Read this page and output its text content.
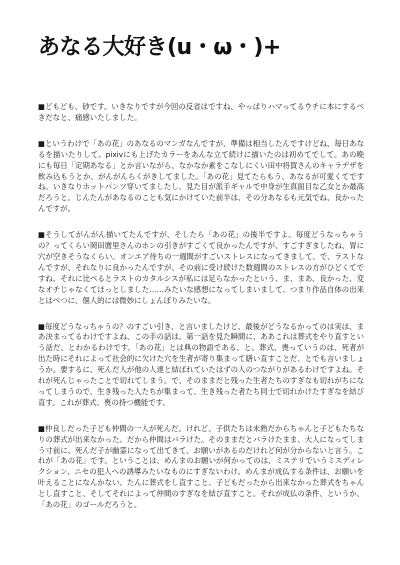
あなる大好き(u・ω・)+

■どもども、砂です。いきなりですが今回の反省はですね、やっぱりハマってるウチに本にするべきだなと、痛感いたしました。

■というわけで「あの花」のあなるのマンガなんですが、準備は相当したんですけどね、毎日あなるを描いたりして。pixivにも上げたカラーをあんな立て続けに描いたのは初めてでして。あの晩にも毎日「定期あなる」とか言いながら、なかなか素をこなしにくい田中将賀さんのキャラデザを飲み込もうとか、がんがんらくがきしてました。「あの花」見てたらもう、あなるが可愛くてですね。いきなりホットパンツ穿いてましたし、見た目が派手ギャルで中身が生真面目な乙女とか最高だろうと。じんたんがあなるのことも気にかけていた前半は、その分あなるも元気でね、良かったんですが。

■そうしてがんがん描いてたんですが、そしたら「あの花」の後半ですよ。毎度どうなっちゃうの？ってくらい岡田麿里さんのホンの引きがすごくて良かったんですが、すごすぎましたね、胃に穴が空きそうなくらい。オンエア待ちの一週間がすごいストレスになってきまして、で、ラストなんですが、それなりに良かったんですが、その前に受け続けた数週間のストレスの方がひどくてですね、それに比べるとラストのカタルシスが私には足らなかったという、ま、まあ、良かった、変なオチじゃなくてほっとしました……みたいな感想になってしまいまして、つまり作品自体の出来とはべつに、個人的には微妙にしょんぼりみたいな。

■毎度どうなっちゃうの？のすごい引き、と言いましたけど、最後がどうなるかってのは実は、まあ決まってるわけですよね、この手の話は。第一話を見た瞬間に、ああこれは葬式をやり直すという話だ、とわかるわけです。「あの花」とは典の物語である、と。葬式、喪っていうのは、死者が出た時にそれによって社会的に欠けた穴を生者が寄り集まって繕い直すことだ、とでも言いましょうか。要するに、死んだ人が他の人達と結ばれていたはずの人のつながりがあるわけですよね。それが死んじゃったことで切れてしまう。で、そのままだと残った生者たちのすぎなも切れがちになってしまうので、生き残った人たちが集まって、生き残った者たち同士で切れかけたすぎなを結び直す。これが葬式、喪の持つ機能です。

■仲良しだった子ども仲間の一人が死んだ。けれど、子供たちは未熟だからちゃんと子どもたちなりの葬式が出来なかった。だから仲間はバラけた。そのままだとバラけたまま、大人になってしまう寸前に、死んだ子が幽霊になって出てきて、お願いがあるのだけれど何が分からないと言う。これが「あの花」です。ということは、めんまのお願いが何かってのは、ミステリでいうミスディレクション、ニセの犯人への誘導みたいなものにすぎないわけ。めんまが成仏する条件は、お願いを叶えることになんかない。たんに葬式をし直すこと、子どもだったから出来なかった葬式をちゃんとし直すこと、そしてそれによって仲間のすぎなを結び直すこと。それが成仏の条件、というか、「あの花」のゴールだろうと。
